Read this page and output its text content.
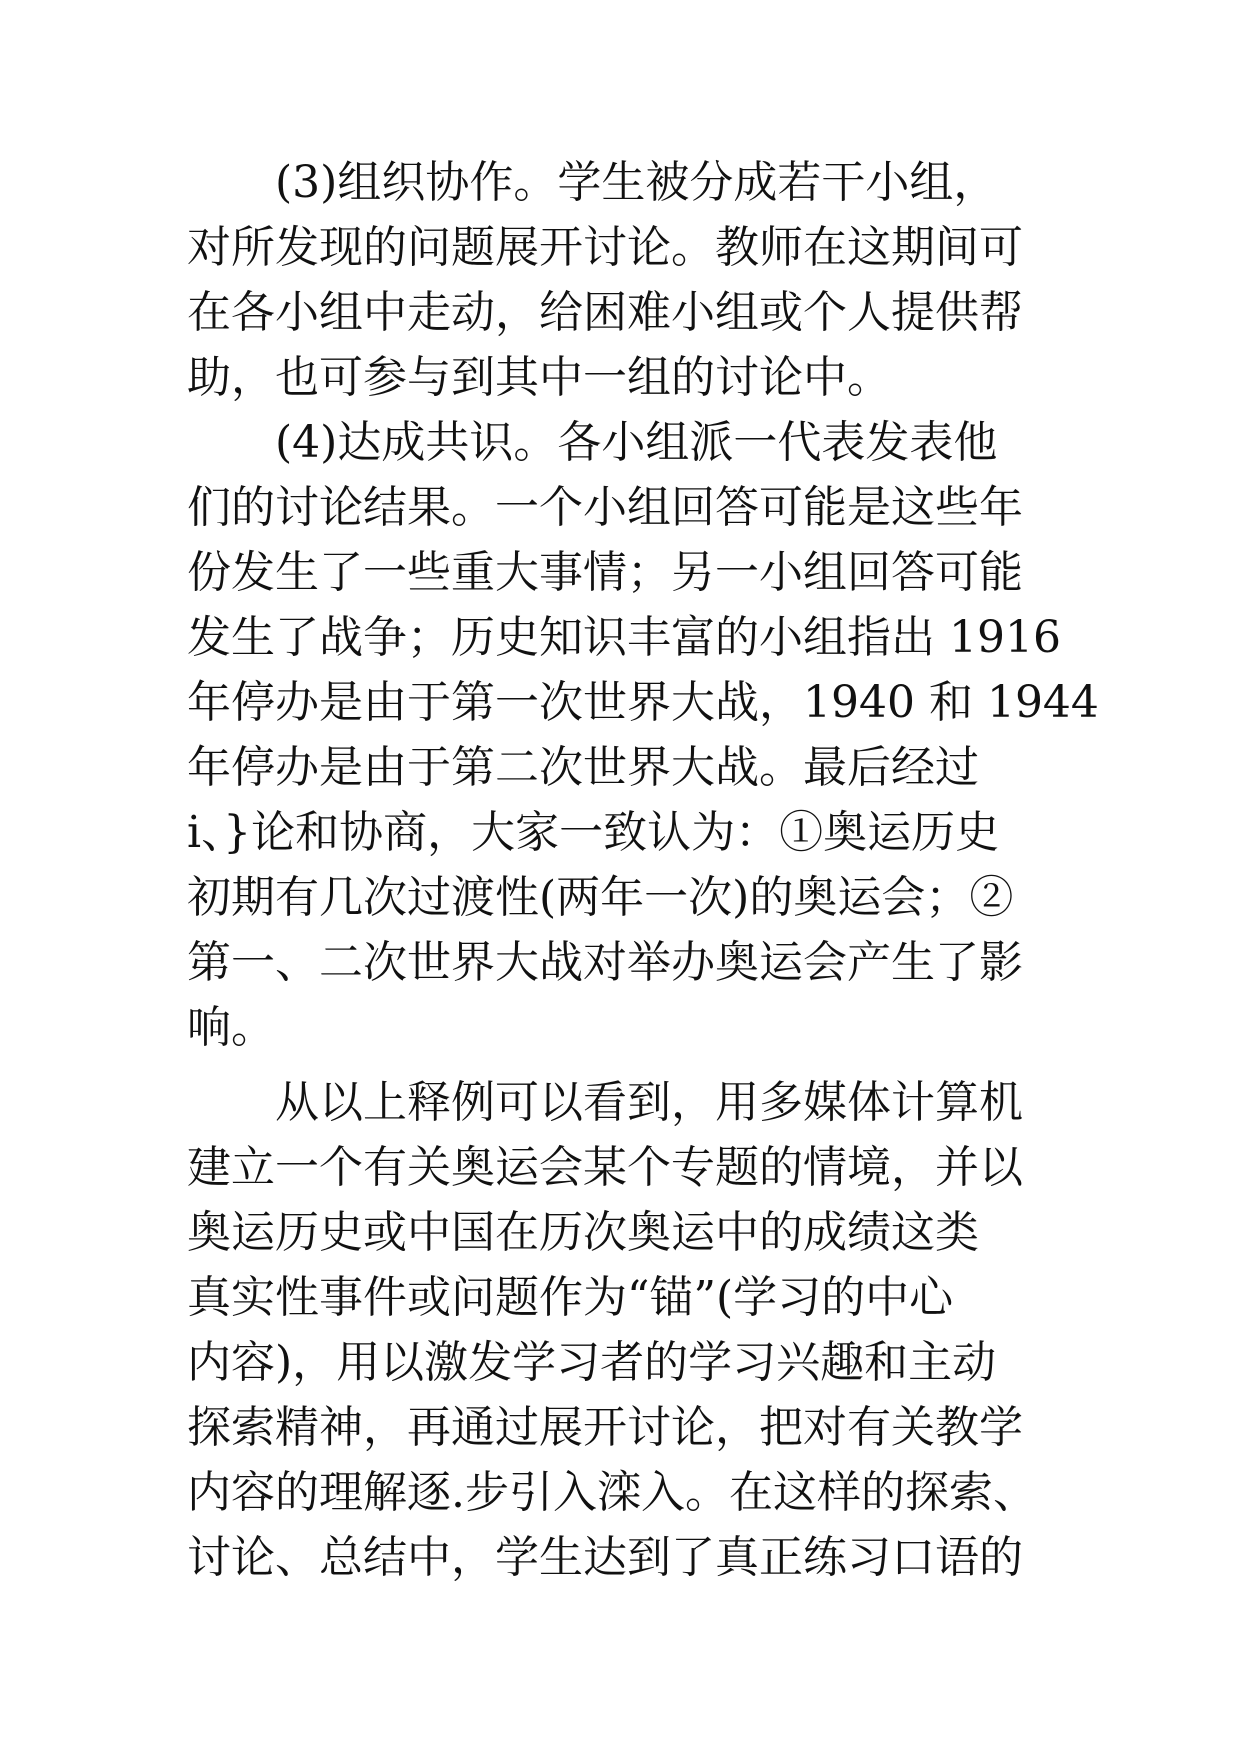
(3)组织协作。学生被分成若干小组，
对所发现的问题展开讨论。教师在这期间可
在各小组中走动，给困难小组或个人提供帮
助，也可参与到其中一组的讨论中。
(4)达成共识。各小组派一代表发表他
们的讨论结果。一个小组回答可能是这些年
份发生了一些重大事情；另一小组回答可能
发生了战争；历史知识丰富的小组指出 1916
年停办是由于第一次世界大战，1940 和 1944
年停办是由于第二次世界大战。最后经过
i、}论和协商，大家一致认为：①奥运历史
初期有几次过渡性(两年一次)的奥运会；②
第一、二次世界大战对举办奥运会产生了影
响。
从以上释例可以看到，用多媒体计算机
建立一个有关奥运会某个专题的情境，并以
奥运历史或中国在历次奥运中的成绩这类
真实性事件或问题作为“锚”(学习的中心
内容)，用以激发学习者的学习兴趣和主动
探索精神，再通过展开讨论，把对有关教学
内容的理解逐.步引入滦入。在这样的探索、
讨论、总结中，学生达到了真正练习口语的
